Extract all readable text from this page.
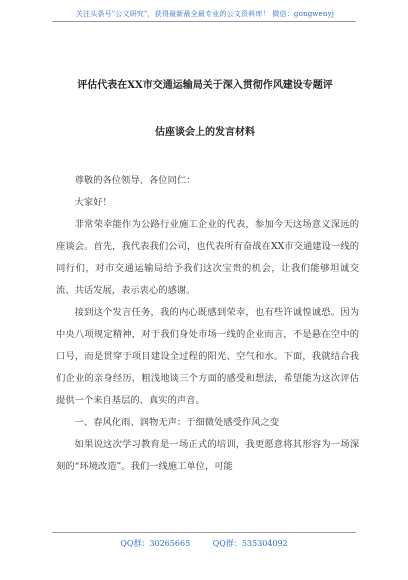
关注头条号"公文研究"，获得最新最全最专业的公文资料库！ 微信：gongwenyj
评估代表在XX市交通运输局关于深入贯彻作风建设专题评
估座谈会上的发言材料

尊敬的各位领导、各位同仁：

大家好！

非常荣幸能作为公路行业施工企业的代表，参加今天这场意义深远的座谈会。首先，我代表我们公司，也代表所有奋战在XX市交通建设一线的同行们，对市交通运输局给予我们这次宝贵的机会，让我们能够坦诚交流、共话发展，表示衷心的感谢。

接到这个发言任务，我的内心既感到荣幸，也有些许诚惶诚恐。因为中央八项规定精神，对于我们身处市场一线的企业而言，不是悬在空中的口号，而是贯穿于项目建设全过程的阳光、空气和水。下面，我就结合我们企业的亲身经历，粗浅地谈三个方面的感受和想法，希望能为这次评估提供一个来自基层的、真实的声音。

一、春风化雨、润物无声：于细微处感受作风之变

如果说这次学习教育是一场正式的培训，我更愿意将其形容为一场深刻的“环境改造”。我们一线施工单位，可能

QQ群：30265665	QQ群：535304092
